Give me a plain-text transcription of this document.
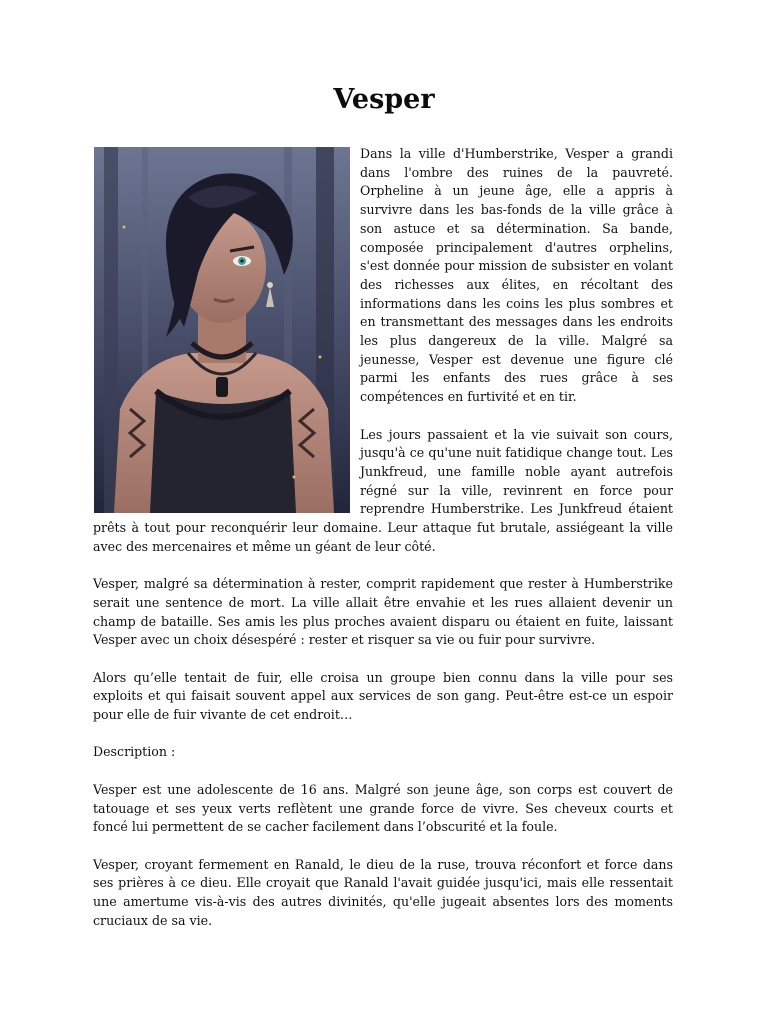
Vesper

Dans la ville d'Humberstrike, Vesper a grandi dans l'ombre des ruines de la pauvreté. Orpheline à un jeune âge, elle a appris à survivre dans les bas-fonds de la ville grâce à son astuce et sa détermination. Sa bande, composée principalement d'autres orphelins, s'est donnée pour mission de subsister en volant des richesses aux élites, en récoltant des informations dans les coins les plus sombres et en transmettant des messages dans les endroits les plus dangereux de la ville. Malgré sa jeunesse, Vesper est devenue une figure clé parmi les enfants des rues grâce à ses compétences en furtivité et en tir.

Les jours passaient et la vie suivait son cours, jusqu'à ce qu'une nuit fatidique change tout. Les Junkfreud, une famille noble ayant autrefois régné sur la ville, revinrent en force pour reprendre Humberstrike. Les Junkfreud étaient prêts à tout pour reconquérir leur domaine. Leur attaque fut brutale, assiégeant la ville avec des mercenaires et même un géant de leur côté.

Vesper, malgré sa détermination à rester, comprit rapidement que rester à Humberstrike serait une sentence de mort. La ville allait être envahie et les rues allaient devenir un champ de bataille. Ses amis les plus proches avaient disparu ou étaient en fuite, laissant Vesper avec un choix désespéré : rester et risquer sa vie ou fuir pour survivre.

Alors qu’elle tentait de fuir, elle croisa un groupe bien connu dans la ville pour ses exploits et qui faisait souvent appel aux services de son gang. Peut-être est-ce un espoir pour elle de fuir vivante de cet endroit…

Description :

Vesper est une adolescente de 16 ans. Malgré son jeune âge, son corps est couvert de tatouage et ses yeux verts reflètent une grande force de vivre. Ses cheveux courts et foncé lui permettent de se cacher facilement dans l’obscurité et la foule.

Vesper, croyant fermement en Ranald, le dieu de la ruse, trouva réconfort et force dans ses prières à ce dieu. Elle croyait que Ranald l'avait guidée jusqu'ici, mais elle ressentait une amertume vis-à-vis des autres divinités, qu'elle jugeait absentes lors des moments cruciaux de sa vie.
